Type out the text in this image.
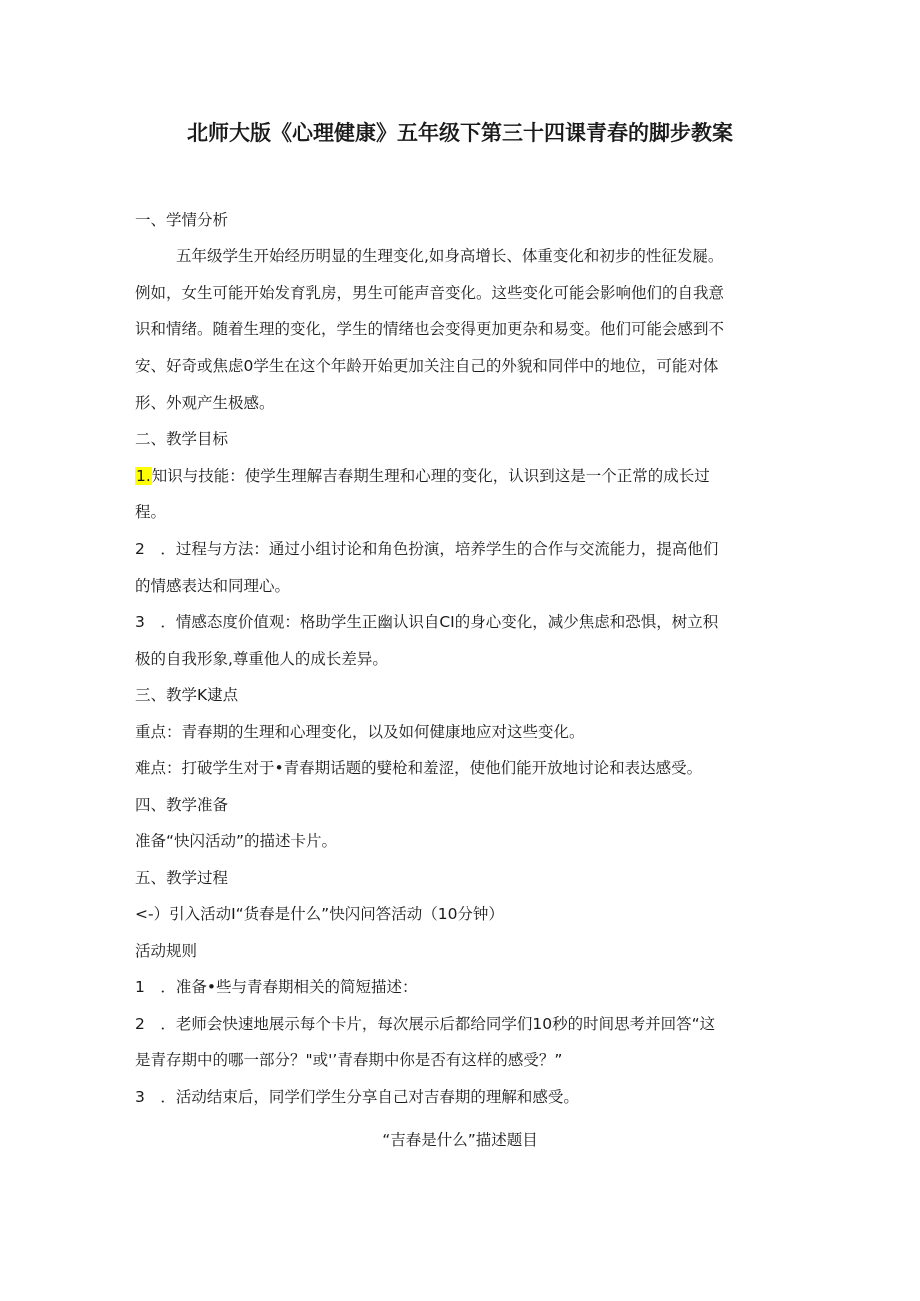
北师大版《心理健康》五年级下第三十四课青春的脚步教案
一、学情分析
五年级学生开始经历明显的生理变化,如身高增长、体重变化和初步的性征发屣。
例如，女生可能开始发育乳房，男生可能声音变化。这些变化可能会影响他们的自我意
识和情绪。随着生理的变化，学生的情绪也会变得更加更杂和易变。他们可能会感到不
安、好奇或焦虑0学生在这个年龄开始更加关注自己的外貌和同伴中的地位，可能对体
形、外观产生极感。
二、教学目标
1.知识与技能：使学生理解吉春期生理和心理的变化，认识到这是一个正常的成长过
程。
2　．过程与方法：通过小组讨论和角色扮演，培养学生的合作与交流能力，提高他们
的情感表达和同理心。
3　．情感态度价值观：格助学生正幽认识自CI的身心变化，减少焦虑和恐惧，树立积
极的自我形象,尊重他人的成长差异。
三、教学K逮点
重点：青春期的生理和心理变化，以及如何健康地应对这些变化。
难点：打破学生对于•青春期话题的嬖枪和羞涩，使他们能开放地讨论和表达感受。
四、教学准备
准备“快闪活动”的描述卡片。
五、教学过程
<-）引入活动I“货春是什么”快闪问答活动（10分钟）
活动规则
1　．准备•些与青春期相关的简短描述：
2　．老师会快速地展示每个卡片，每次展示后都给同学们10秒的时间思考并回答“这
是青存期中的哪一部分？"或'’青春期中你是否有这样的感受？”
3　．活动结束后，同学们学生分享自己对吉春期的理解和感受。
“吉春是什么”描述题目
